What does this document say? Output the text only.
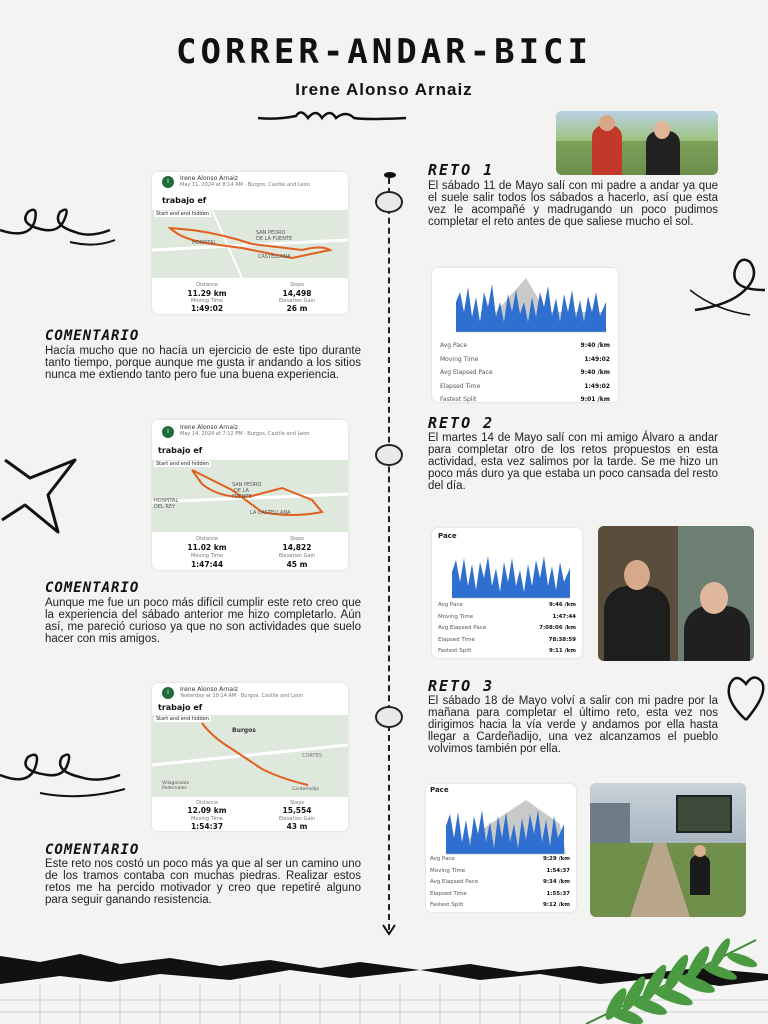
CORRER-ANDAR-BICI
Irene Alonso Arnaiz
RETO 1
El sábado 11 de Mayo salí con mi padre a andar ya que el suele salir todos los sábados a hacerlo, así que esta vez le acompañé y madrugando un poco pudimos completar el reto antes de que saliese mucho el sol.
I	Irene Alonso Arnaiz
May 11, 2024 at 8:14 AM · Burgos, Castile and Leon
trabajo ef
Start and end hidden
SAN PEDRO
DE LA FUENTE
CASTELLANA
HOSPITAL
Distance
11.29 km
Steps
14,498
Moving Time
1:49:02
Elevation Gain
26 m
Avg Pace	9:40 /km
Moving Time	1:49:02
Avg Elapsed Pace	9:40 /km
Elapsed Time	1:49:02
Fastest Split	9:01 /km
COMENTARIO
Hacía mucho que no hacía un ejercicio de este tipo durante tanto tiempo, porque aunque me gusta ir andando a los sitios nunca me extiendo tanto pero fue una buena experiencia.
RETO 2
El martes 14 de Mayo salí con mi amigo Álvaro a andar para completar otro de los retos propuestos en esta actividad, esta vez salimos por la tarde. Se me hizo un poco más duro ya que estaba un poco cansada del resto del día.
I
Irene Alonso Arnaiz
May 14, 2024 at 7:12 PM · Burgos, Castile and Leon
trabajo ef
Start and end hidden
SAN PEDRO
DE LA
FUENTE
HOSPITAL
DEL REY
LA CASTELLANA
Distance
11.02 km
Steps
14,822
Moving Time
1:47:44
Elevation Gain
45 m
Pace
Avg Pace	9:46 /km
Moving Time	1:47:44
Avg Elapsed Pace	7:08:06 /km
Elapsed Time	78:38:59
Fastest Split	9:11 /km
COMENTARIO
Aunque me fue un poco más difícil cumplir este reto creo que la experiencia del sábado anterior me hizo completarlo. Aún así, me pareció curioso ya que no son actividades que suelo hacer con mis amigos.
RETO 3
El sábado 18 de Mayo volví a salir con mi padre por la mañana para completar el último reto, esta vez nos dirigimos hacia la vía verde y andamos por ella hasta llegar a Cardeñadijo, una vez alcanzamos el pueblo volvimos también por ella.
I	Irene Alonso Arnaiz
Yesterday at 10:14 AM · Burgos, Castile and Leon
trabajo ef
Start and end hidden
Burgos
Villagonzalo Pedernales	Cardeñadijo
CORTES
Distance
12.09 km
Steps
15,554
Moving Time
1:54:37
Elevation Gain
43 m
Pace
Avg Pace	9:29 /km
Moving Time	1:54:37
Avg Elapsed Pace	9:34 /km
Elapsed Time	1:55:37
Fastest Split	9:12 /km
COMENTARIO
Este reto nos costó un poco más ya que al ser un camino uno de los tramos contaba con muchas piedras. Realizar estos retos me ha percido motivador y creo que repetiré alguno para seguir ganando resistencia.
